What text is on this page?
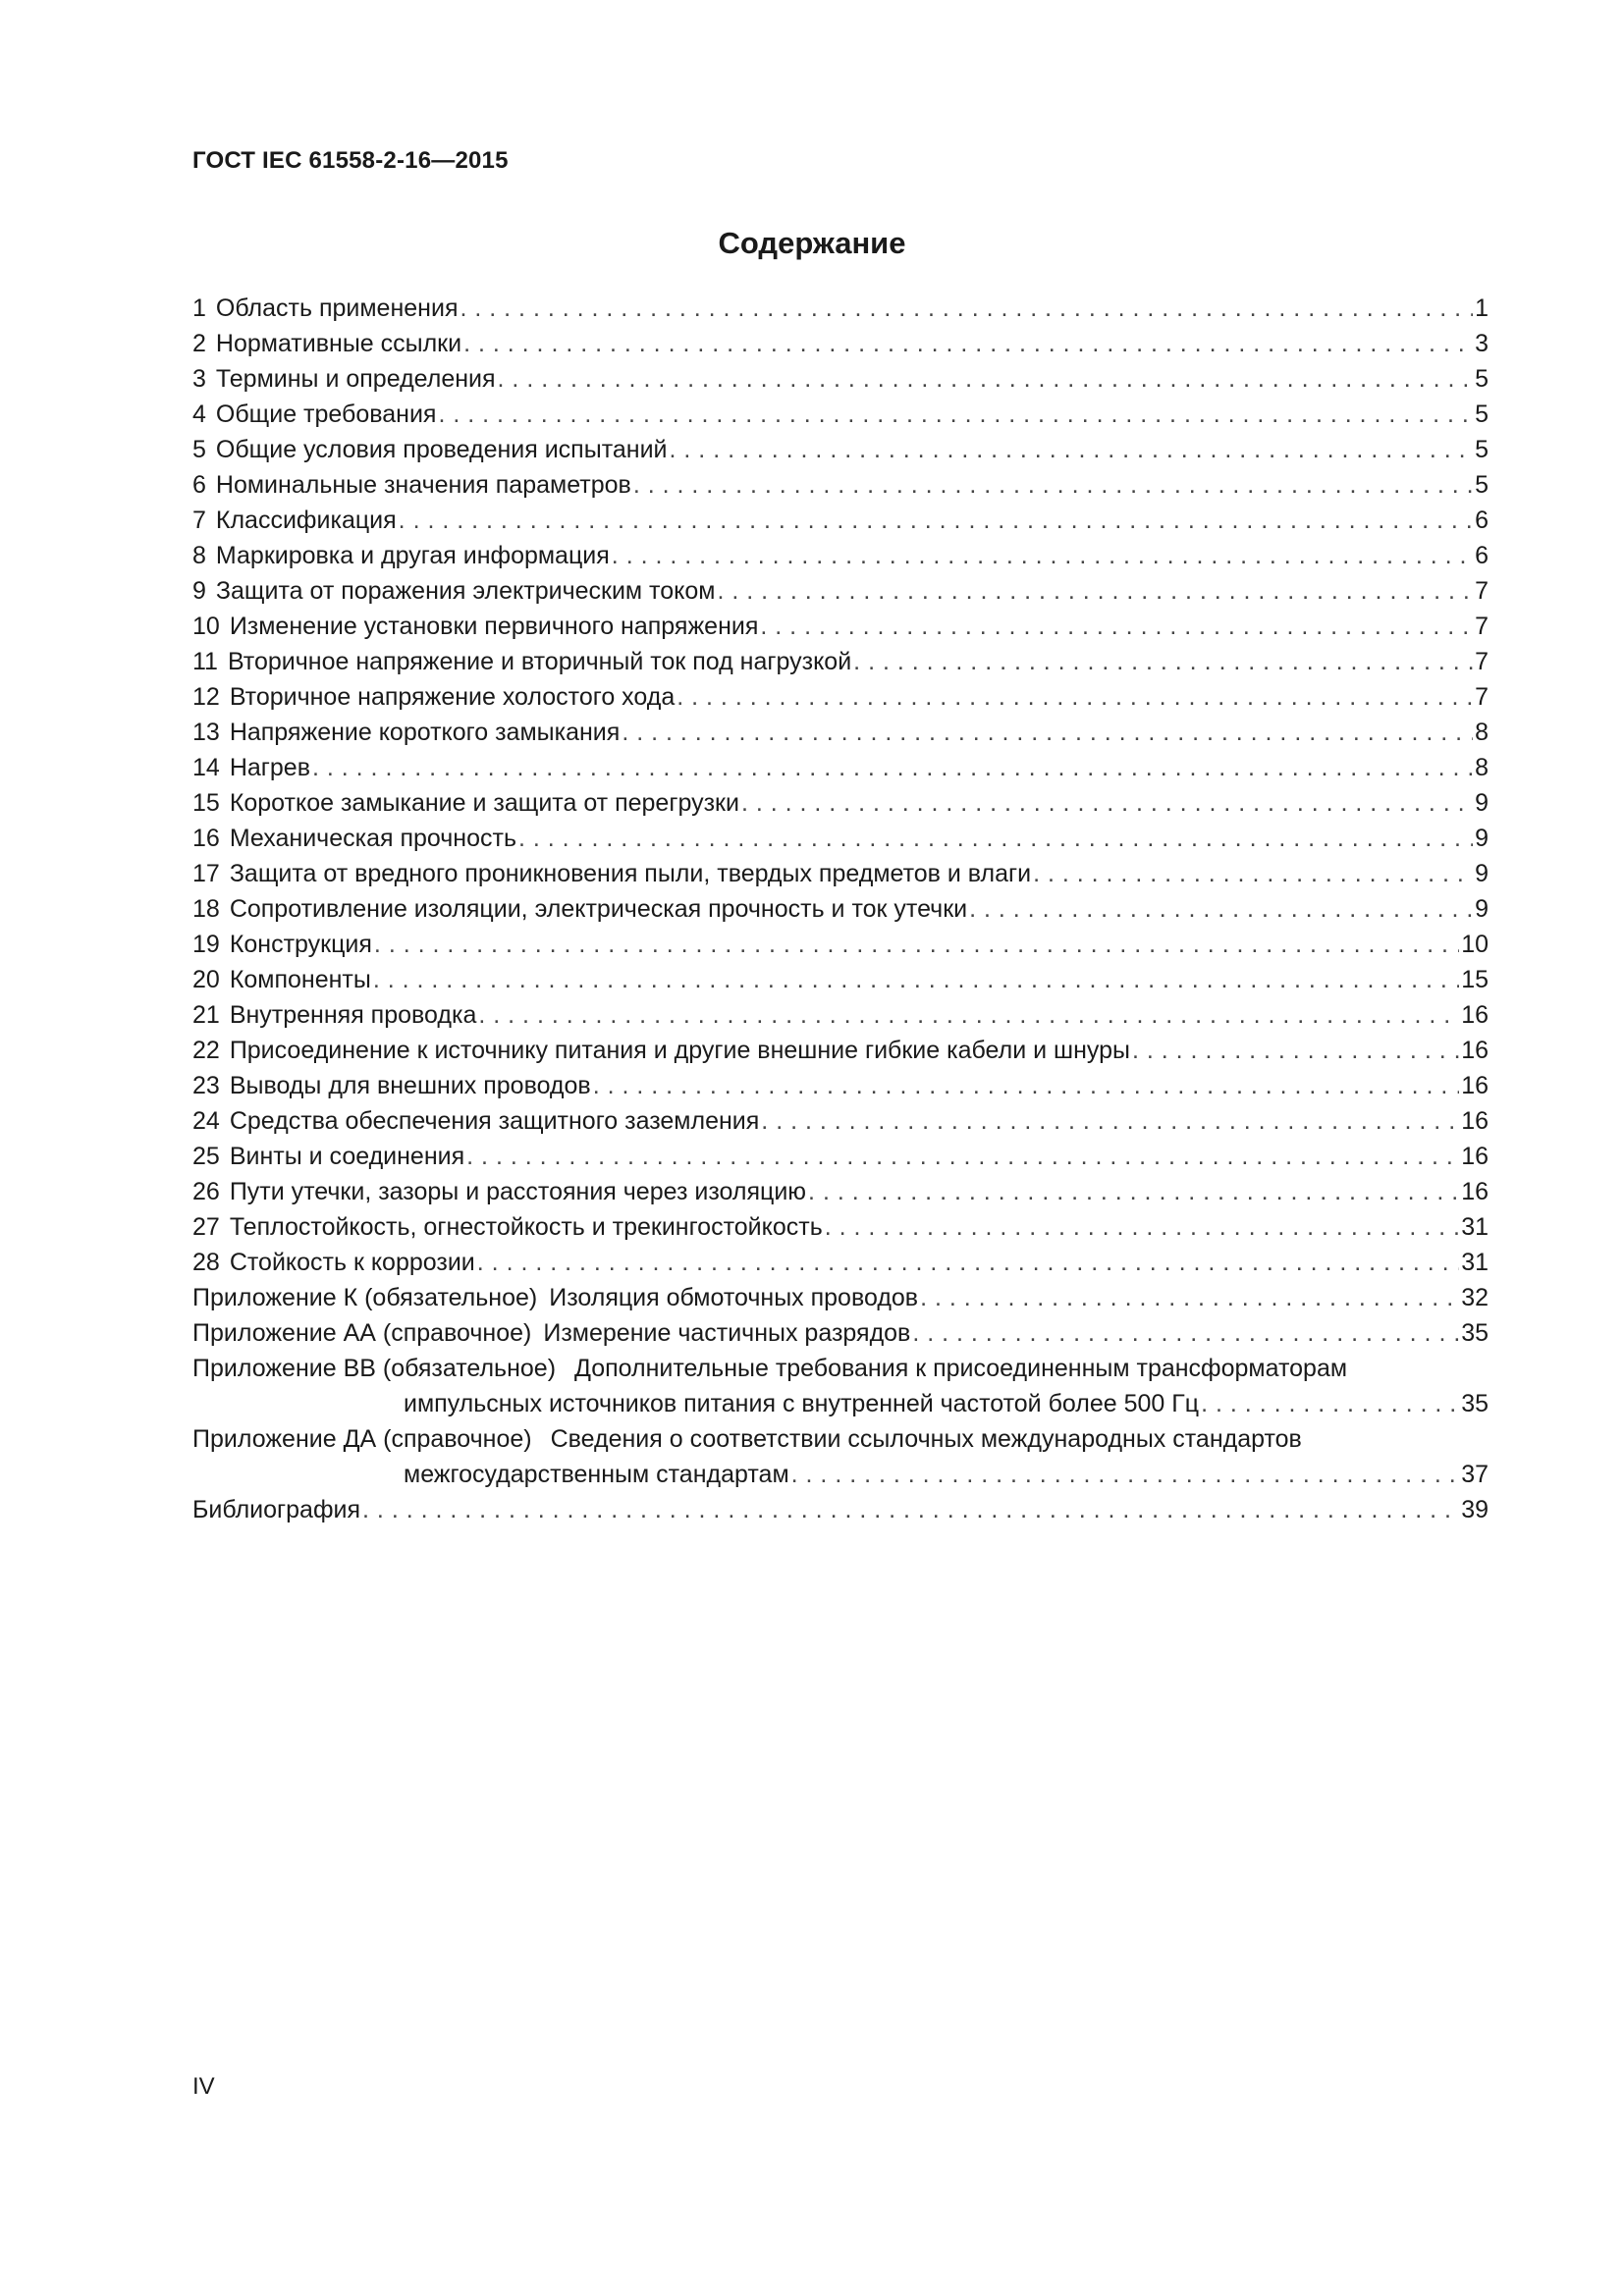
ГОСТ IEC 61558-2-16—2015
Содержание
1 Область применения . . .	1
2 Нормативные ссылки . . .	3
3 Термины и определения . . .	5
4 Общие требования . . .	5
5 Общие условия проведения испытаний . . .	5
6 Номинальные значения параметров . . .	5
7 Классификация . . .	6
8 Маркировка и другая информация . . .	6
9 Защита от поражения электрическим током . . .	7
10 Изменение установки первичного напряжения . . .	7
11 Вторичное напряжение и вторичный ток под нагрузкой . . .	7
12 Вторичное напряжение холостого хода . . .	7
13 Напряжение короткого замыкания . . .	8
14 Нагрев . . .	8
15 Короткое замыкание и защита от перегрузки . . .	9
16 Механическая прочность . . .	9
17 Защита от вредного проникновения пыли, твердых предметов и влаги . . .	9
18 Сопротивление изоляции, электрическая прочность и ток утечки . . .	9
19 Конструкция . . .	10
20 Компоненты . . .	15
21 Внутренняя проводка . . .	16
22 Присоединение к источнику питания и другие внешние гибкие кабели и шнуры . . .	16
23 Выводы для внешних проводов . . .	16
24 Средства обеспечения защитного заземления . . .	16
25 Винты и соединения . . .	16
26 Пути утечки, зазоры и расстояния через изоляцию . . .	16
27 Теплостойкость, огнестойкость и трекингостойкость . . .	31
28 Стойкость к коррозии . . .	31
Приложение К (обязательное) Изоляция обмоточных проводов . . .	32
Приложение АА (справочное) Измерение частичных разрядов . . .	35
Приложение ВВ (обязательное) Дополнительные требования к присоединенным трансформаторам
импульсных источников питания с внутренней частотой более 500 Гц . . .	35
Приложение ДА (справочное) Сведения о соответствии ссылочных международных стандартов
межгосударственным стандартам . . .	37
Библиография . . .	39
IV
